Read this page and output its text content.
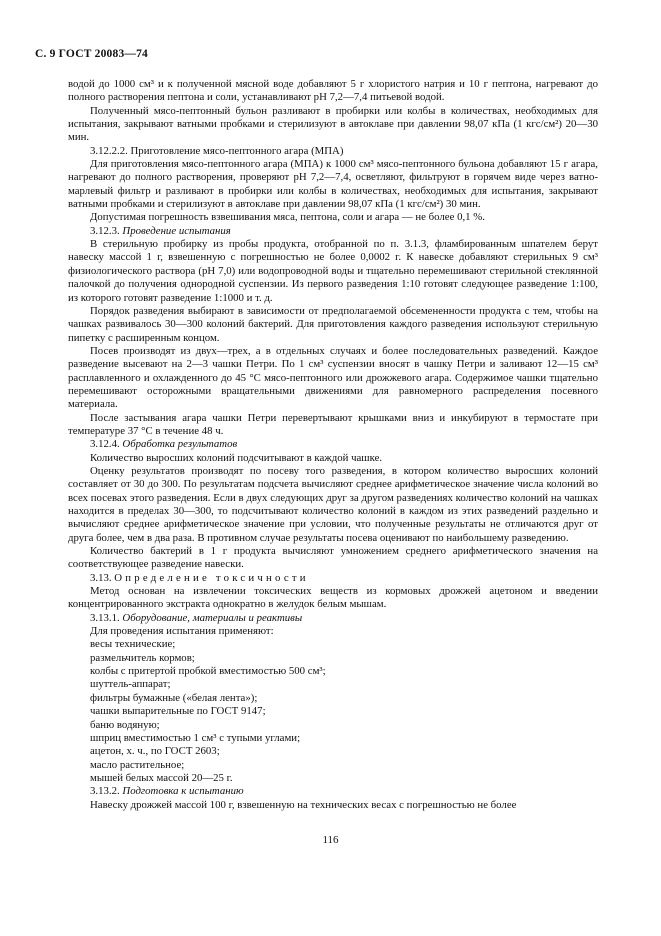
С. 9 ГОСТ 20083—74

водой до 1000 см³ и к полученной мясной воде добавляют 5 г хлористого натрия и 10 г пептона, нагревают до полного растворения пептона и соли, устанавливают pH 7,2—7,4 питьевой водой.

Полученный мясо-пептонный бульон разливают в пробирки или колбы в количествах, необходимых для испытания, закрывают ватными пробками и стерилизуют в автоклаве при давлении 98,07 кПа (1 кгс/см²) 20—30 мин.

3.12.2.2. Приготовление мясо-пептонного агара (МПА)

Для приготовления мясо-пептонного агара (МПА) к 1000 см³ мясо-пептонного бульона добавляют 15 г агара, нагревают до полного растворения, проверяют pH 7,2—7,4, осветляют, фильтруют в горячем виде через ватно-марлевый фильтр и разливают в пробирки или колбы в количествах, необходимых для испытания, закрывают ватными пробками и стерилизуют в автоклаве при давлении 98,07 кПа (1 кгс/см²) 30 мин.

Допустимая погрешность взвешивания мяса, пептона, соли и агара — не более 0,1 %.

3.12.3. Проведение испытания

В стерильную пробирку из пробы продукта, отобранной по п. 3.1.3, фламбированным шпателем берут навеску массой 1 г, взвешенную с погрешностью не более 0,0002 г. К навеске добавляют стерильных 9 см³ физиологического раствора (pH 7,0) или водопроводной воды и тщательно перемешивают стерильной стеклянной палочкой до получения однородной суспензии. Из первого разведения 1:10 готовят следующее разведение 1:100, из которого готовят разведение 1:1000 и т. д.

Порядок разведения выбирают в зависимости от предполагаемой обсемененности продукта с тем, чтобы на чашках развивалось 30—300 колоний бактерий. Для приготовления каждого разведения используют стерильную пипетку с расширенным концом.

Посев производят из двух—трех, а в отдельных случаях и более последовательных разведений. Каждое разведение высевают на 2—3 чашки Петри. По 1 см³ суспензии вносят в чашку Петри и заливают 12—15 см³ расплавленного и охлажденного до 45 °С мясо-пептонного или дрожжевого агара. Содержимое чашки тщательно перемешивают осторожными вращательными движениями для равномерного распределения посевного материала.

После застывания агара чашки Петри перевертывают крышками вниз и инкубируют в термостате при температуре 37 °С в течение 48 ч.

3.12.4. Обработка результатов

Количество выросших колоний подсчитывают в каждой чашке.

Оценку результатов производят по посеву того разведения, в котором количество выросших колоний составляет от 30 до 300. По результатам подсчета вычисляют среднее арифметическое значение числа колоний во всех посевах этого разведения. Если в двух следующих друг за другом разведениях количество колоний на чашках находится в пределах 30—300, то подсчитывают количество колоний в каждом из этих разведений раздельно и вычисляют среднее арифметическое значение при условии, что полученные результаты не отличаются друг от друга более, чем в два раза. В противном случае результаты посева оценивают по наибольшему разведению.

Количество бактерий в 1 г продукта вычисляют умножением среднего арифметического значения на соответствующее разведение навески.

3.13. Определение токсичности

Метод основан на извлечении токсических веществ из кормовых дрожжей ацетоном и введении концентрированного экстракта однократно в желудок белым мышам.

3.13.1. Оборудование, материалы и реактивы

Для проведения испытания применяют:

весы технические;

размельчитель кормов;

колбы с притертой пробкой вместимостью 500 см³;

шуттель-аппарат;

фильтры бумажные («белая лента»);

чашки выпарительные по ГОСТ 9147;

баню водяную;

шприц вместимостью 1 см³ с тупыми углами;

ацетон, х. ч., по ГОСТ 2603;

масло растительное;

мышей белых массой 20—25 г.

3.13.2. Подготовка к испытанию

Навеску дрожжей массой 100 г, взвешенную на технических весах с погрешностью не более

116
